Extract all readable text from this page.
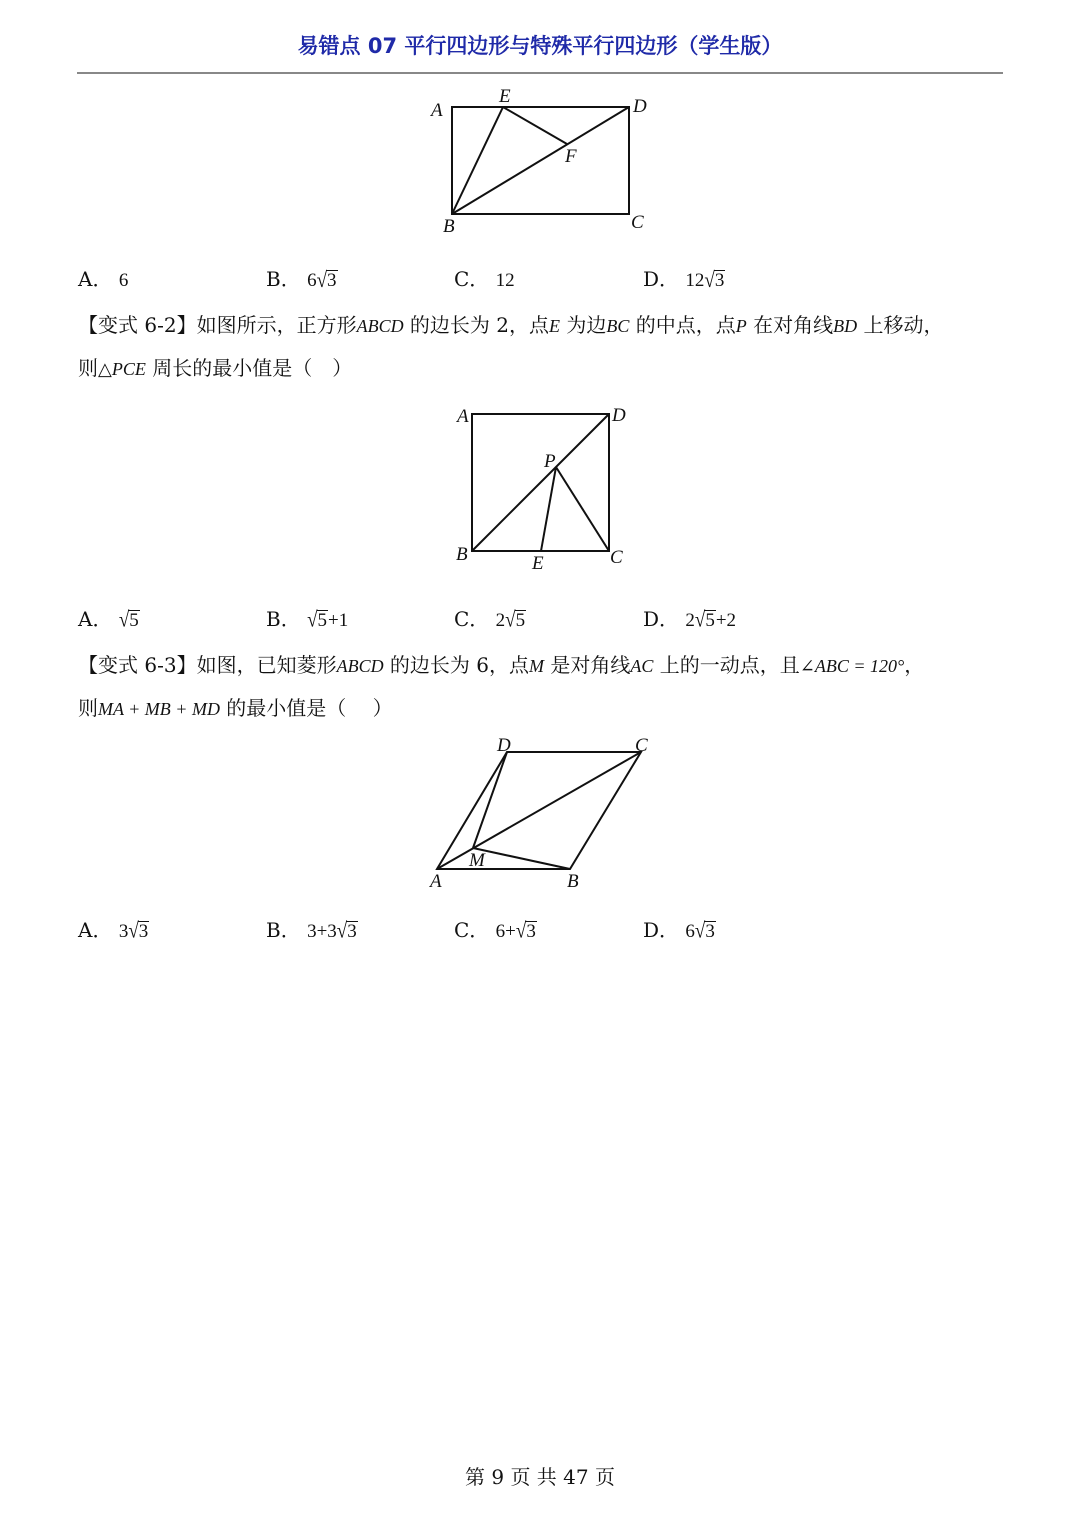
易错点 07 平行四边形与特殊平行四边形（学生版）
A
E	D
F
B	C
A． 6	B． 6√3	C． 12	D． 12√3
【变式 6-2】如图所示，正方形ABCD 的边长为 2，点E 为边BC 的中点，点P 在对角线BD 上移动，
则△PCE 周长的最小值是（　）
A	D
P
B	E	C
A． √5	B． √5+1	C． 2√5	D． 2√5+2
【变式 6-3】如图，已知菱形ABCD 的边长为 6，点M 是对角线AC 上的一动点，且∠ABC = 120°，
则MA + MB + MD 的最小值是（　 ）
D	C
M
A	B
A． 3√3	B． 3+3√3	C． 6+√3	D． 6√3
第 9 页 共 47 页
